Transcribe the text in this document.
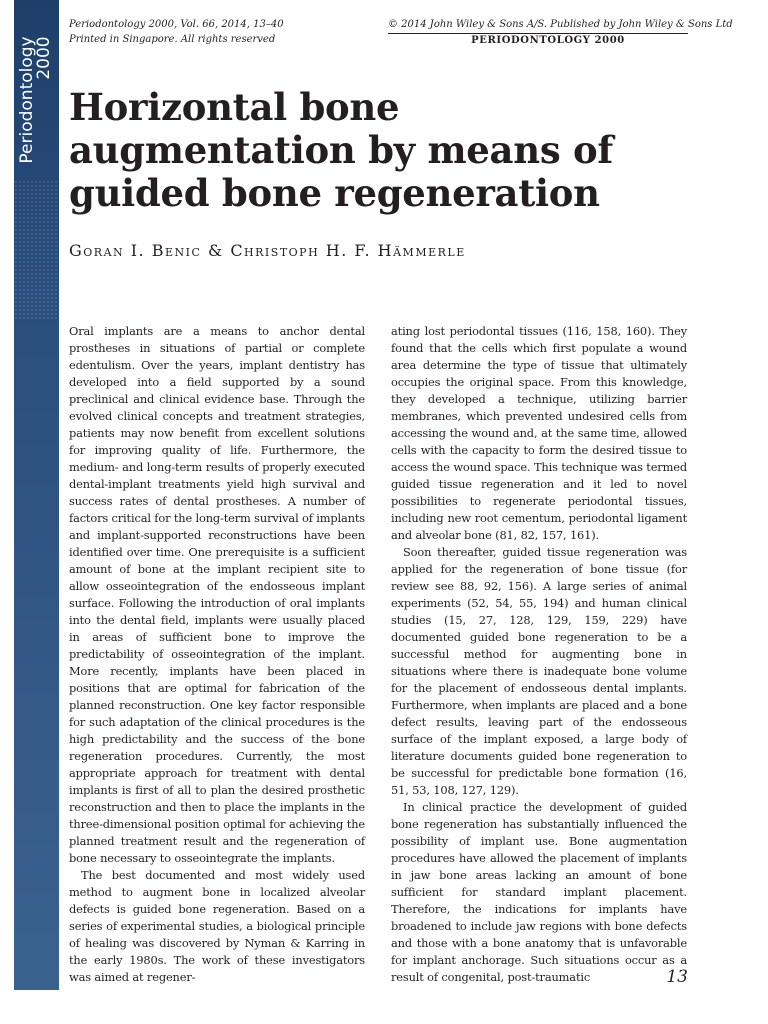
Periodontology
2000
Periodontology 2000, Vol. 66, 2014, 13–40
Printed in Singapore. All rights reserved
© 2014 John Wiley & Sons A/S. Published by John Wiley & Sons Ltd
PERIODONTOLOGY 2000
Horizontal bone augmentation by means of guided bone regeneration
Goran I. Benic & Christoph H. F. Hämmerle

Oral implants are a means to anchor dental prostheses in situations of partial or complete edentulism. Over the years, implant dentistry has developed into a field supported by a sound preclinical and clinical evidence base. Through the evolved clinical concepts and treatment strategies, patients may now benefit from excellent solutions for improving quality of life. Furthermore, the medium- and long-term results of properly executed dental-implant treatments yield high survival and success rates of dental prostheses. A number of factors critical for the long-term survival of implants and implant-supported reconstructions have been identified over time. One prerequisite is a sufficient amount of bone at the implant recipient site to allow osseointegration of the endosseous implant surface. Following the introduction of oral implants into the dental field, implants were usually placed in areas of sufficient bone to improve the predictability of osseointegration of the implant. More recently, implants have been placed in positions that are optimal for fabrication of the planned reconstruction. One key factor responsible for such adaptation of the clinical procedures is the high predictability and the success of the bone regeneration procedures. Currently, the most appropriate approach for treatment with dental implants is first of all to plan the desired prosthetic reconstruction and then to place the implants in the three-dimensional position optimal for achieving the planned treatment result and the regeneration of bone necessary to osseointegrate the implants.

The best documented and most widely used method to augment bone in localized alveolar defects is guided bone regeneration. Based on a series of experimental studies, a biological principle of healing was discovered by Nyman & Karring in the early 1980s. The work of these investigators was aimed at regener-

ating lost periodontal tissues (116, 158, 160). They found that the cells which first populate a wound area determine the type of tissue that ultimately occupies the original space. From this knowledge, they developed a technique, utilizing barrier membranes, which prevented undesired cells from accessing the wound and, at the same time, allowed cells with the capacity to form the desired tissue to access the wound space. This technique was termed guided tissue regeneration and it led to novel possibilities to regenerate periodontal tissues, including new root cementum, periodontal ligament and alveolar bone (81, 82, 157, 161).

Soon thereafter, guided tissue regeneration was applied for the regeneration of bone tissue (for review see 88, 92, 156). A large series of animal experiments (52, 54, 55, 194) and human clinical studies (15, 27, 128, 129, 159, 229) have documented guided bone regeneration to be a successful method for augmenting bone in situations where there is inadequate bone volume for the placement of endosseous dental implants. Furthermore, when implants are placed and a bone defect results, leaving part of the endosseous surface of the implant exposed, a large body of literature documents guided bone regeneration to be successful for predictable bone formation (16, 51, 53, 108, 127, 129).

In clinical practice the development of guided bone regeneration has substantially influenced the possibility of implant use. Bone augmentation procedures have allowed the placement of implants in jaw bone areas lacking an amount of bone sufficient for standard implant placement. Therefore, the indications for implants have broadened to include jaw regions with bone defects and those with a bone anatomy that is unfavorable for implant anchorage. Such situations occur as a result of congenital, post-traumatic	13
